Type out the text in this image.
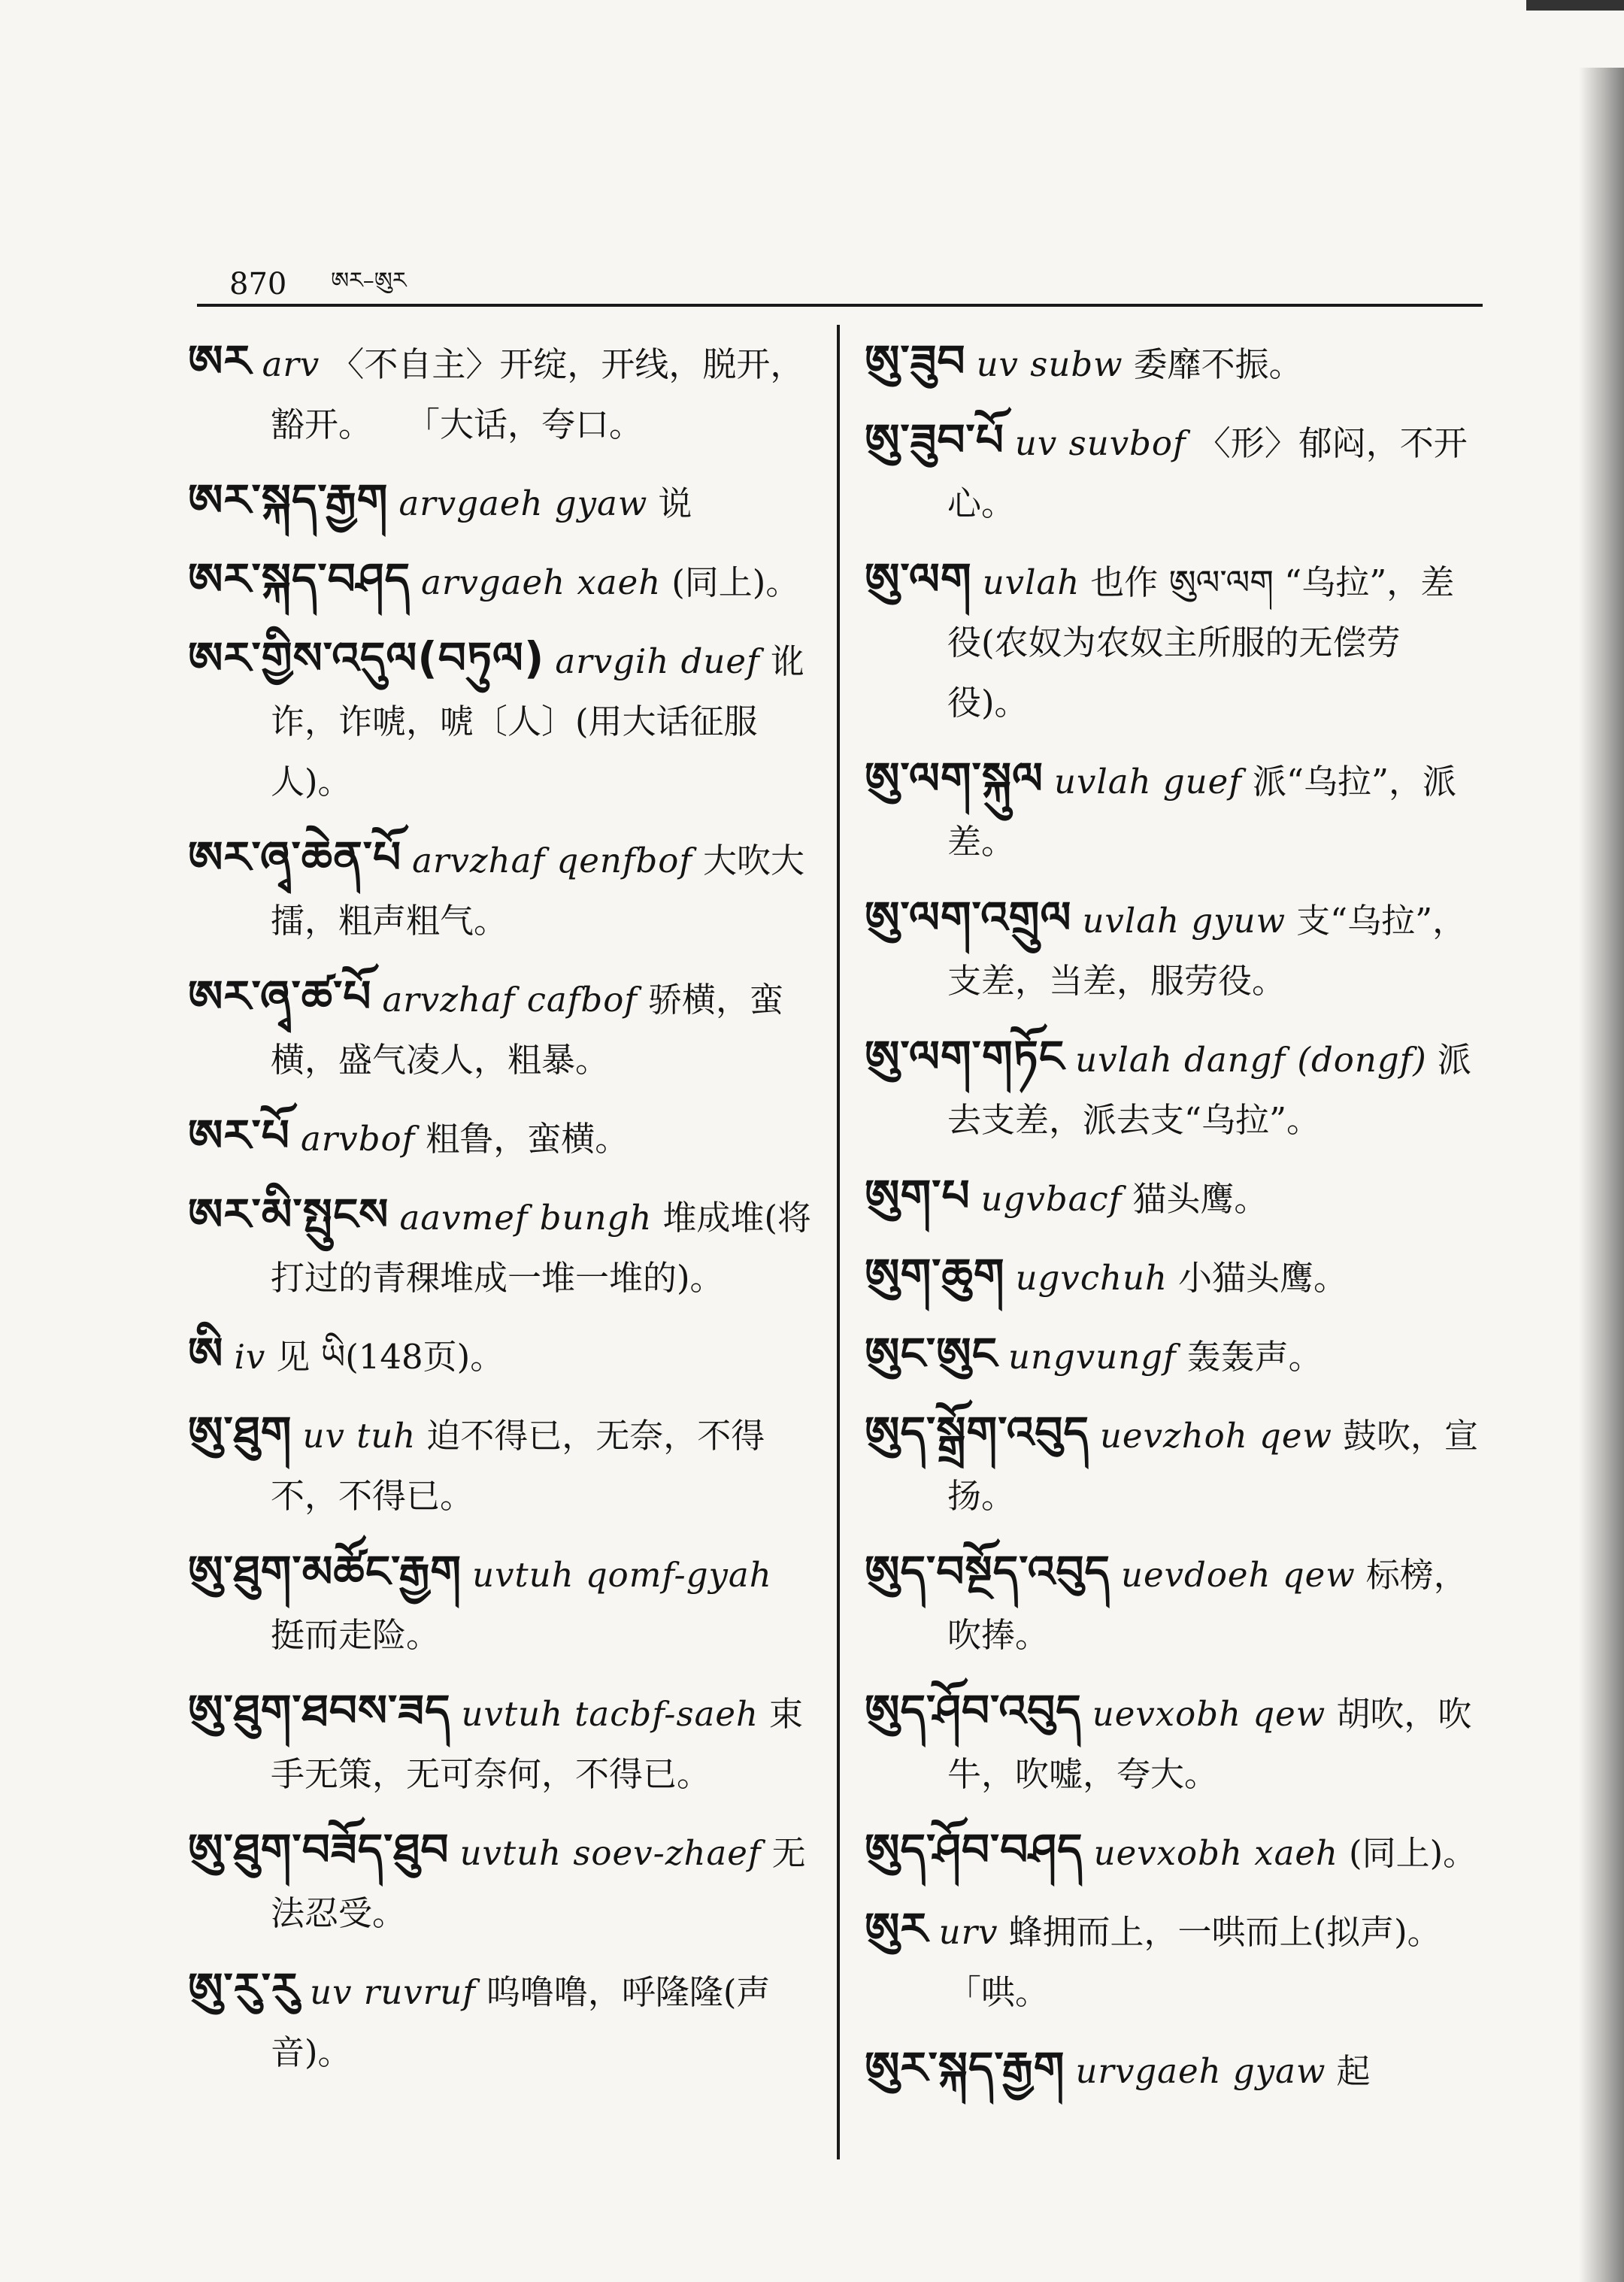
870 $^{ཨར-ཨུར}$
ཨར arv 〈不自主〉开绽，开线，脱开，豁开。　　「大话，夸口。
ཨར་སྐད་རྒྱག arvgaeh gyaw 说
ཨར་སྐད་བཤད arvgaeh xaeh (同上)。
ཨར་གྱིས་འདུལ(བཏུལ) arvgih duef 讹诈，诈唬，唬〔人〕(用大话征服人)。
ཨར་ཞྭ་ཆེན་པོ arvzhaf qenfbof 大吹大擂，粗声粗气。
ཨར་ཞྭ་ཚ་པོ arvzhaf cafbof 骄横，蛮横，盛气凌人，粗暴。
ཨར་པོ arvbof 粗鲁，蛮横。
ཨར་མི་སྤུངས aavmef bungh 堆成堆(将打过的青稞堆成一堆一堆的)。
ཨི iv 见 ཡི(148页)。
ཨུ་ཐུག uv tuh 迫不得已，无奈，不得不，不得已。
ཨུ་ཐུག་མཚོང་རྒྱག uvtuh qomf-gyah挺而走险。
ཨུ་ཐུག་ཐབས་ཟད uvtuh tacbf-saeh 束手无策，无可奈何，不得已。
ཨུ་ཐུག་བཟོད་ཐུབ uvtuh soev-zhaef 无法忍受。
ཨུ་རུ་རུ uv ruvruf 呜噜噜，呼隆隆(声音)。
ཨུ་ཟུབ uv subw 委靡不振。
ཨུ་ཟུབ་པོ uv suvbof 〈形〉郁闷，不开心。
ཨུ་ལག uvlah 也作 ཨུལ་ལག “乌拉”，差役(农奴为农奴主所服的无偿劳役)。
ཨུ་ལག་སྐུལ uvlah guef 派“乌拉”，派差。
ཨུ་ལག་འགྲུལ uvlah gyuw 支“乌拉”，支差，当差，服劳役。
ཨུ་ལག་གཏོང uvlah dangf (dongf) 派去支差，派去支“乌拉”。
ཨུག་པ ugvbacf 猫头鹰。
ཨུག་ཆུག ugvchuh 小猫头鹰。
ཨུང་ཨུང ungvungf 轰轰声。
ཨུད་སྒྲོག་འབུད uevzhoh qew 鼓吹，宣扬。
ཨུད་བསྔོད་འབུད uevdoeh qew 标榜，吹捧。
ཨུད་ཤོབ་འབུད uevxobh qew 胡吹，吹牛，吹嘘，夸大。
ཨུད་ཤོབ་བཤད uevxobh xaeh (同上)。
ཨུར urv 蜂拥而上，一哄而上(拟声)。　　　「哄。
ཨུར་སྐད་རྒྱག urvgaeh gyaw 起
